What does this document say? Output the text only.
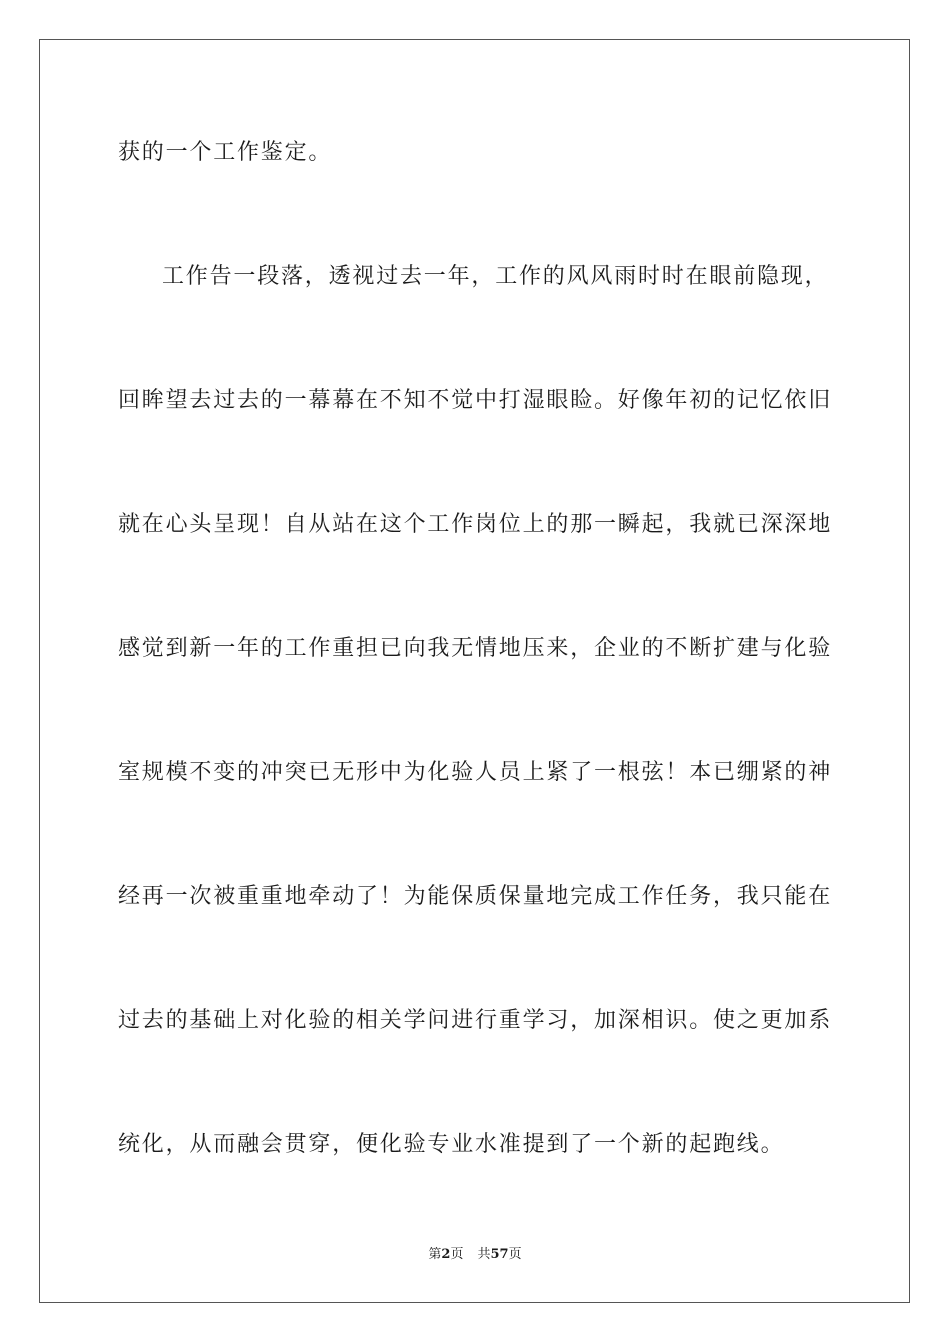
获的一个工作鉴定。
工作告一段落，透视过去一年，工作的风风雨时时在眼前隐现，
回眸望去过去的一幕幕在不知不觉中打湿眼睑。好像年初的记忆依旧
就在心头呈现！自从站在这个工作岗位上的那一瞬起，我就已深深地
感觉到新一年的工作重担已向我无情地压来，企业的不断扩建与化验
室规模不变的冲突已无形中为化验人员上紧了一根弦！本已绷紧的神
经再一次被重重地牵动了！为能保质保量地完成工作任务，我只能在
过去的基础上对化验的相关学问进行重学习，加深相识。使之更加系
统化，从而融会贯穿，便化验专业水准提到了一个新的起跑线。
第2页 共57页
